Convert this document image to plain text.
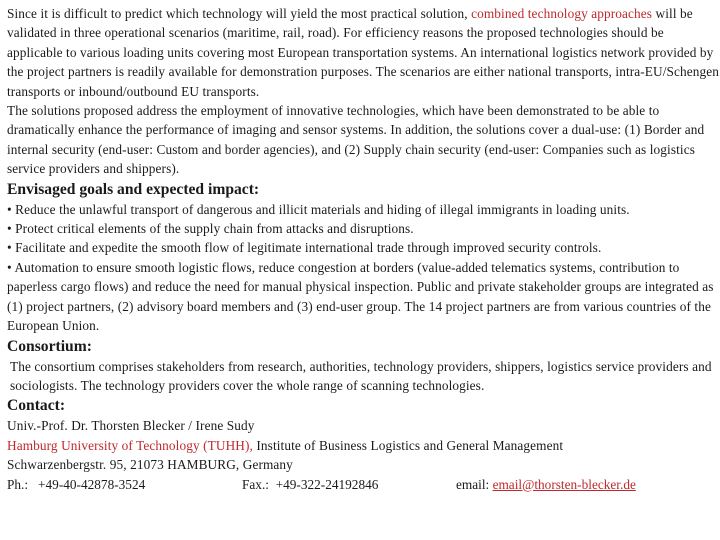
Since it is difficult to predict which technology will yield the most practical solution, combined technology approaches will be validated in three operational scenarios (maritime, rail, road). For efficiency reasons the proposed technologies should be applicable to various loading units covering most European transportation systems. An international logistics network provided by the project partners is readily available for demonstration purposes. The scenarios are either national transports, intra-EU/Schengen transports or inbound/outbound EU transports.

The solutions proposed address the employment of innovative technologies, which have been demonstrated to be able to dramatically enhance the performance of imaging and sensor systems. In addition, the solutions cover a dual-use: (1) Border and internal security (end-user: Custom and border agencies), and (2) Supply chain security (end-user: Companies such as logistics service providers and shippers).

Envisaged goals and expected impact:

• Reduce the unlawful transport of dangerous and illicit materials and hiding of illegal immigrants in loading units.

• Protect critical elements of the supply chain from attacks and disruptions.

• Facilitate and expedite the smooth flow of legitimate international trade through improved security controls.

• Automation to ensure smooth logistic flows, reduce congestion at borders (value-added telematics systems, contribution to paperless cargo flows) and reduce the need for manual physical inspection. Public and private stakeholder groups are integrated as (1) project partners, (2) advisory board members and (3) end-user group. The 14 project partners are from various countries of the European Union.

Consortium:

The consortium comprises stakeholders from research, authorities, technology providers, shippers, logistics service providers and sociologists. The technology providers cover the whole range of scanning technologies.

Contact:

Univ.-Prof. Dr. Thorsten Blecker / Irene Sudy

Hamburg University of Technology (TUHH), Institute of Business Logistics and General Management

Schwarzenbergstr. 95, 21073 HAMBURG, Germany

Ph.:   +49-40-42878-3524	Fax.:  +49-322-24192846	email:
email@thorsten-blecker.de
